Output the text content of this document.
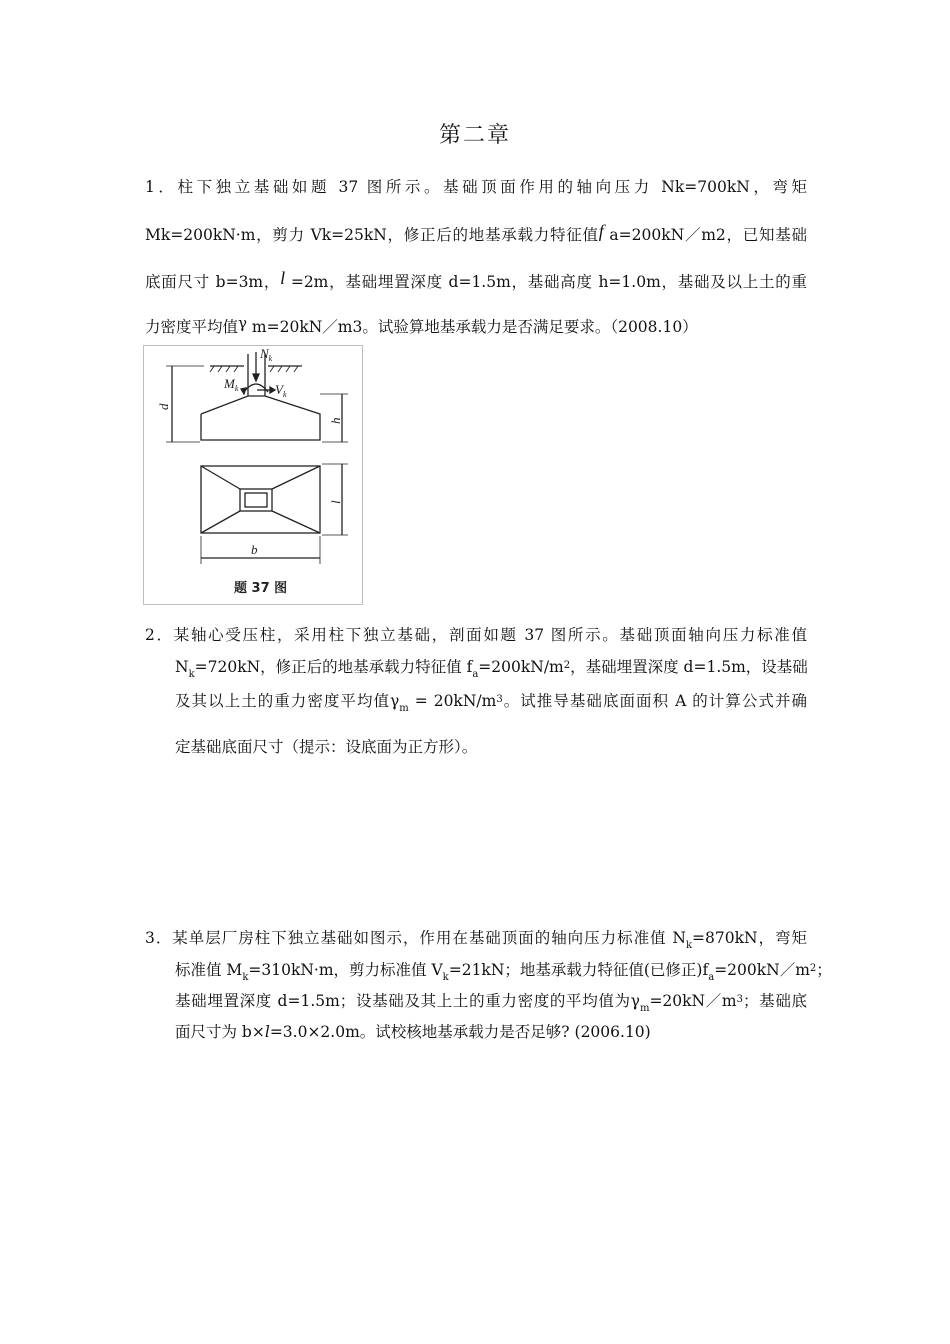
第二章
1．柱下独立基础如题 37 图所示。基础顶面作用的轴向压力 Nk=700kN，弯矩
Mk=200kN·m，剪力 Vk=25kN，修正后的地基承载力特征值f a=200kN／m2，已知基础
底面尺寸 b=3m，l =2m，基础埋置深度 d=1.5m，基础高度 h=1.0m，基础及以上土的重
力密度平均值γ m=20kN／m3。试验算地基承载力是否满足要求。（2008.10）
$N_k$
$M_k$	$V_k$
d
h
l
b
题 37 图
2．某轴心受压柱，采用柱下独立基础，剖面如题 37 图所示。基础顶面轴向压力标准值
$N_k=720kN$，修正后的地基承载力特征值 $f_a=200kN/m^2$，基础埋置深度 d=1.5m，设基础
及其以上土的重力密度平均值$\gamma_m = 20kN/m^3$。试推导基础底面面积 A 的计算公式并确
定基础底面尺寸（提示：设底面为正方形）。
3．某单层厂房柱下独立基础如图示，作用在基础顶面的轴向压力标准值 $N_k=870kN$，弯矩
标准值 $M_k=310kN\cdot m$，剪力标准值 $V_k=21kN$；地基承载力特征值(已修正)$f_a=200kN/m^2$；
基础埋置深度 d=1.5m；设基础及其上土的重力密度的平均值为$\gamma_m=20kN/m^3$；基础底
面尺寸为 b×l=3.0×2.0m。试校核地基承载力是否足够? (2006.10)
